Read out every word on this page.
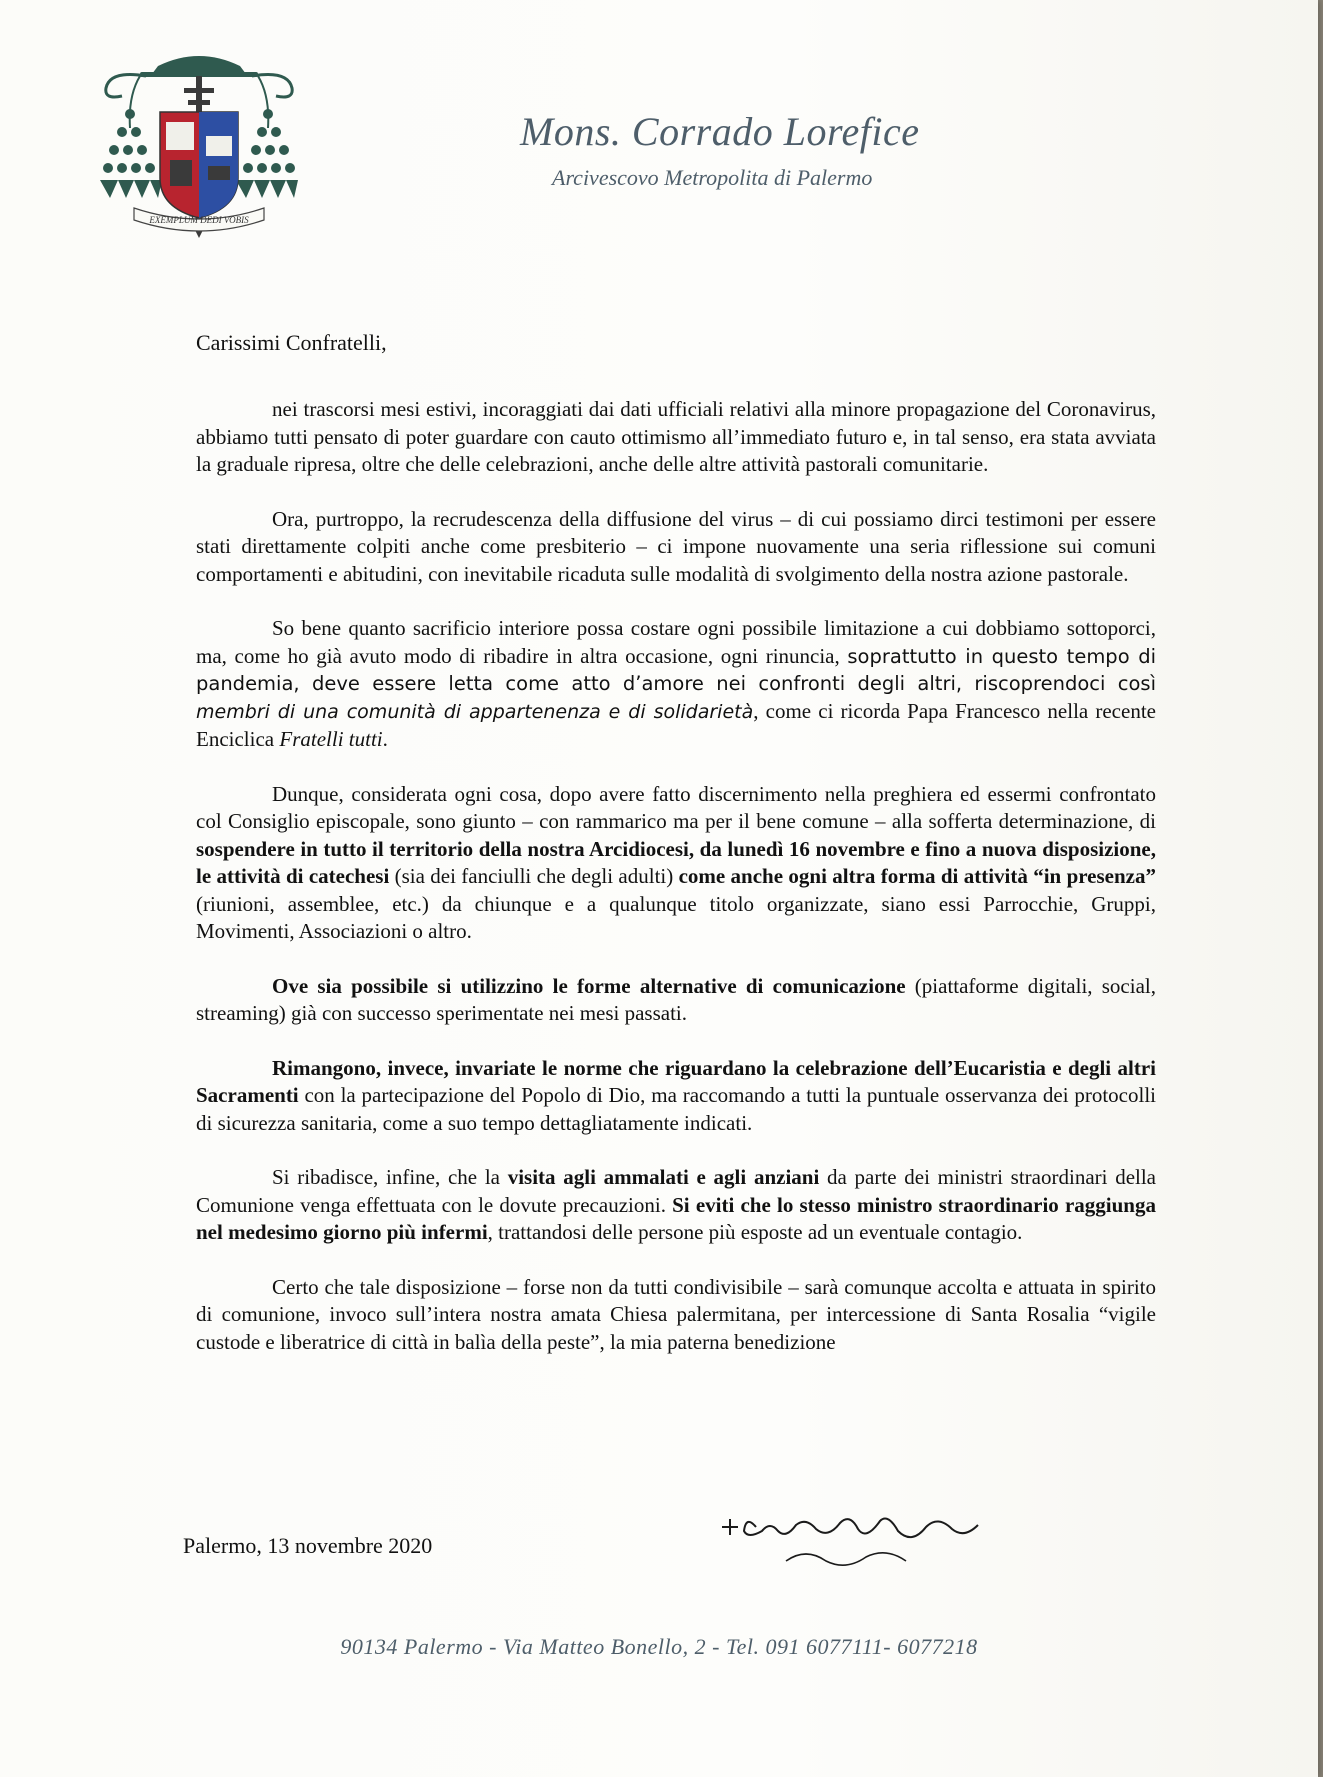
EXEMPLUM DEDI VOBIS
Mons. Corrado Lorefice
Arcivescovo Metropolita di Palermo
Carissimi Confratelli,

nei trascorsi mesi estivi, incoraggiati dai dati ufficiali relativi alla minore propagazione del Coronavirus, abbiamo tutti pensato di poter guardare con cauto ottimismo all’immediato futuro e, in tal senso, era stata avviata la graduale ripresa, oltre che delle celebrazioni, anche delle altre attività pastorali comunitarie.

Ora, purtroppo, la recrudescenza della diffusione del virus – di cui possiamo dirci testimoni per essere stati direttamente colpiti anche come presbiterio – ci impone nuovamente una seria riflessione sui comuni comportamenti e abitudini, con inevitabile ricaduta sulle modalità di svolgimento della nostra azione pastorale.

So bene quanto sacrificio interiore possa costare ogni possibile limitazione a cui dobbiamo sottoporci, ma, come ho già avuto modo di ribadire in altra occasione, ogni rinuncia, soprattutto in questo tempo di pandemia, deve essere letta come atto d’amore nei confronti degli altri, riscoprendoci così membri di una comunità di appartenenza e di solidarietà, come ci ricorda Papa Francesco nella recente Enciclica Fratelli tutti.

Dunque, considerata ogni cosa, dopo avere fatto discernimento nella preghiera ed essermi confrontato col Consiglio episcopale, sono giunto – con rammarico ma per il bene comune – alla sofferta determinazione, di sospendere in tutto il territorio della nostra Arcidiocesi, da lunedì 16 novembre e fino a nuova disposizione, le attività di catechesi (sia dei fanciulli che degli adulti) come anche ogni altra forma di attività “in presenza” (riunioni, assemblee, etc.) da chiunque e a qualunque titolo organizzate, siano essi Parrocchie, Gruppi, Movimenti, Associazioni o altro.

Ove sia possibile si utilizzino le forme alternative di comunicazione (piattaforme digitali, social, streaming) già con successo sperimentate nei mesi passati.

Rimangono, invece, invariate le norme che riguardano la celebrazione dell’Eucaristia e degli altri Sacramenti con la partecipazione del Popolo di Dio, ma raccomando a tutti la puntuale osservanza dei protocolli di sicurezza sanitaria, come a suo tempo dettagliatamente indicati.

Si ribadisce, infine, che la visita agli ammalati e agli anziani da parte dei ministri straordinari della Comunione venga effettuata con le dovute precauzioni. Si eviti che lo stesso ministro straordinario raggiunga nel medesimo giorno più infermi, trattandosi delle persone più esposte ad un eventuale contagio.

Certo che tale disposizione – forse non da tutti condivisibile – sarà comunque accolta e attuata in spirito di comunione, invoco sull’intera nostra amata Chiesa palermitana, per intercessione di Santa Rosalia “vigile custode e liberatrice di città in balìa della peste”, la mia paterna benedizione

Palermo, 13 novembre 2020
90134 Palermo - Via Matteo Bonello, 2 - Tel. 091 6077111- 6077218
